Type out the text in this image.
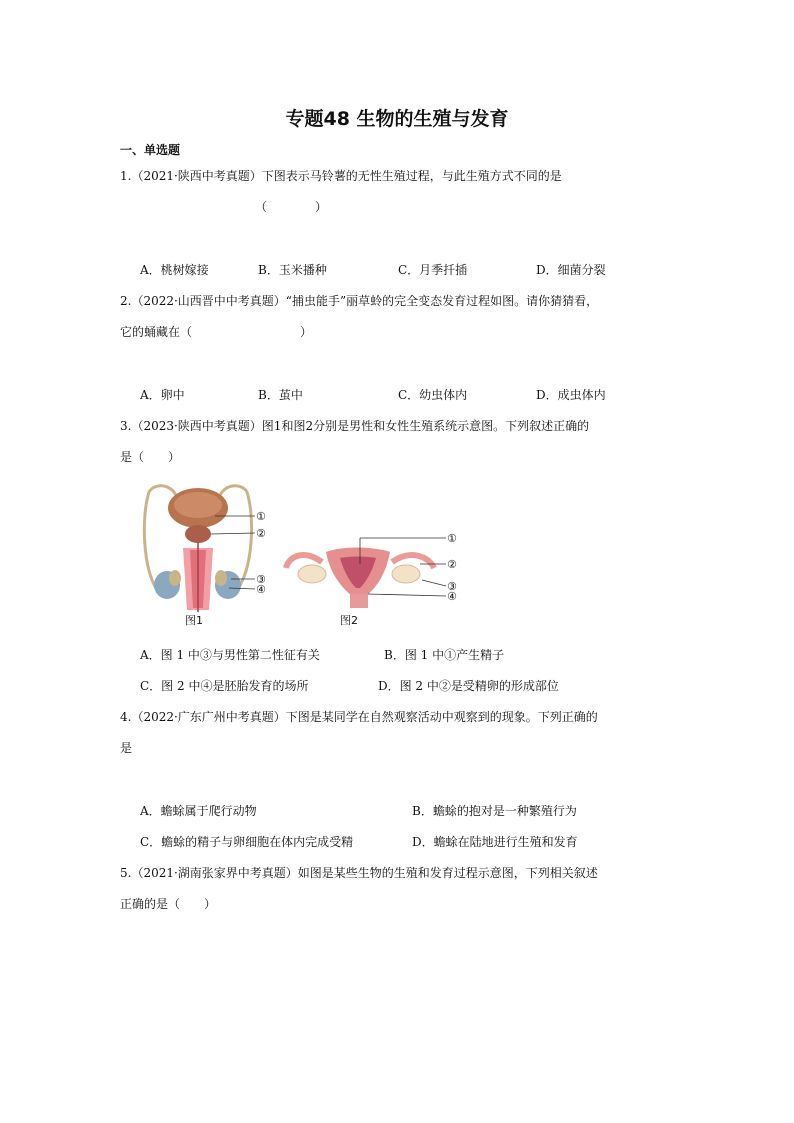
专题48 生物的生殖与发育
一、单选题
1.（2021·陕西中考真题）下图表示马铃薯的无性生殖过程，与此生殖方式不同的是
（　　　　）
A．桃树嫁接	B．玉米播种	C．月季扦插	D．细菌分裂
2.（2022·山西晋中中考真题）“捕虫能手”丽草蛉的完全变态发育过程如图。请你猜猜看，
它的蛹藏在（　　　　　　　　　）
A．卵中	B．茧中	C．幼虫体内	D．成虫体内
3.（2023·陕西中考真题）图1和图2分别是男性和女性生殖系统示意图。下列叙述正确的
是（　　）
①
②
③
④
图1
①
②
③
④
图2
A．图 1 中③与男性第二性征有关	B．图 1 中①产生精子
C．图 2 中④是胚胎发育的场所	D．图 2 中②是受精卵的形成部位
4.（2022·广东广州中考真题）下图是某同学在自然观察活动中观察到的现象。下列正确的
是
A．蟾蜍属于爬行动物	B．蟾蜍的抱对是一种繁殖行为
C．蟾蜍的精子与卵细胞在体内完成受精	D．蟾蜍在陆地进行生殖和发育
5.（2021·湖南张家界中考真题）如图是某些生物的生殖和发育过程示意图，下列相关叙述
正确的是（　　）
